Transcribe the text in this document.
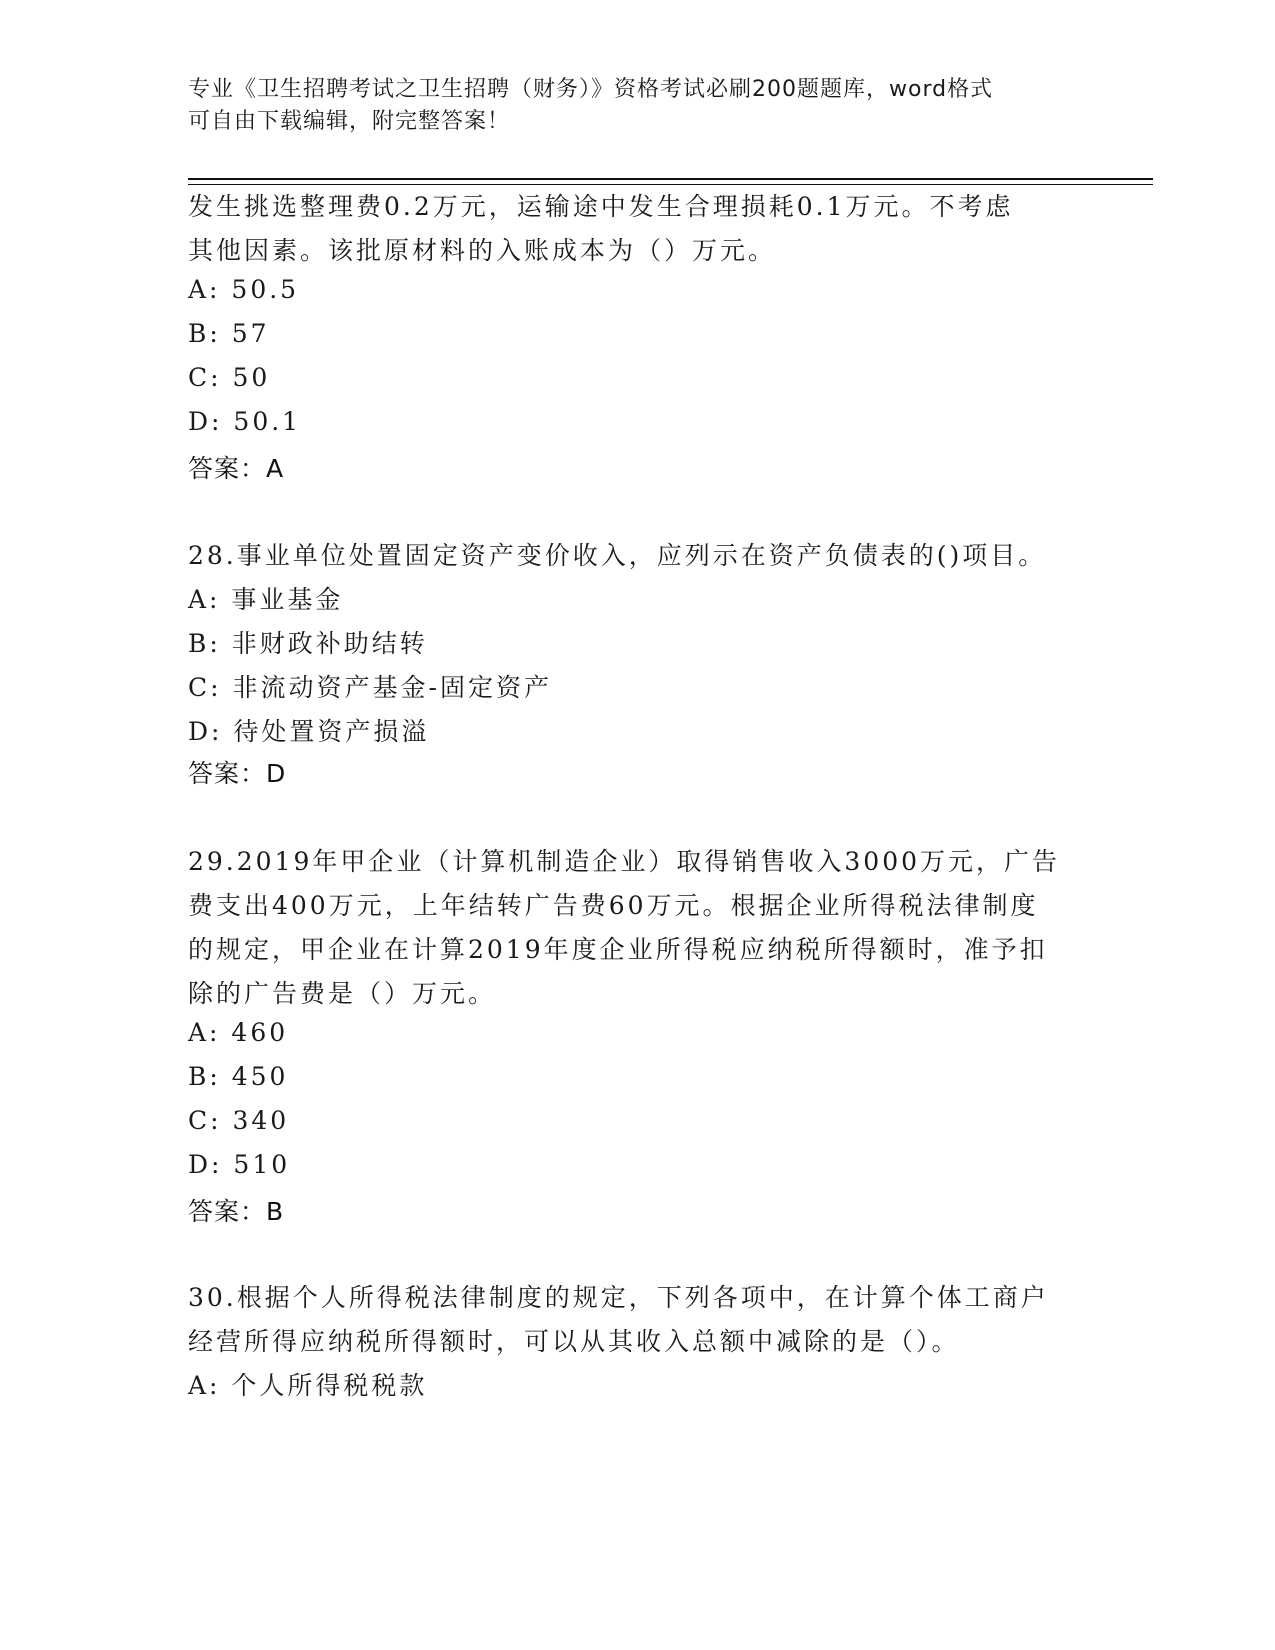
专业《卫生招聘考试之卫生招聘（财务）》资格考试必刷200题题库，word格式
可自由下载编辑，附完整答案！
发生挑选整理费0.2万元，运输途中发生合理损耗0.1万元。不考虑
其他因素。该批原材料的入账成本为（）万元。
A: 50.5
B: 57
C: 50
D: 50.1
答案：A
28.事业单位处置固定资产变价收入，应列示在资产负债表的()项目。
A: 事业基金
B: 非财政补助结转
C: 非流动资产基金-固定资产
D: 待处置资产损溢
答案：D
29.2019年甲企业（计算机制造企业）取得销售收入3000万元，广告
费支出400万元，上年结转广告费60万元。根据企业所得税法律制度
的规定，甲企业在计算2019年度企业所得税应纳税所得额时，准予扣
除的广告费是（）万元。
A: 460
B: 450
C: 340
D: 510
答案：B
30.根据个人所得税法律制度的规定，下列各项中，在计算个体工商户
经营所得应纳税所得额时，可以从其收入总额中减除的是（）。
A: 个人所得税税款
